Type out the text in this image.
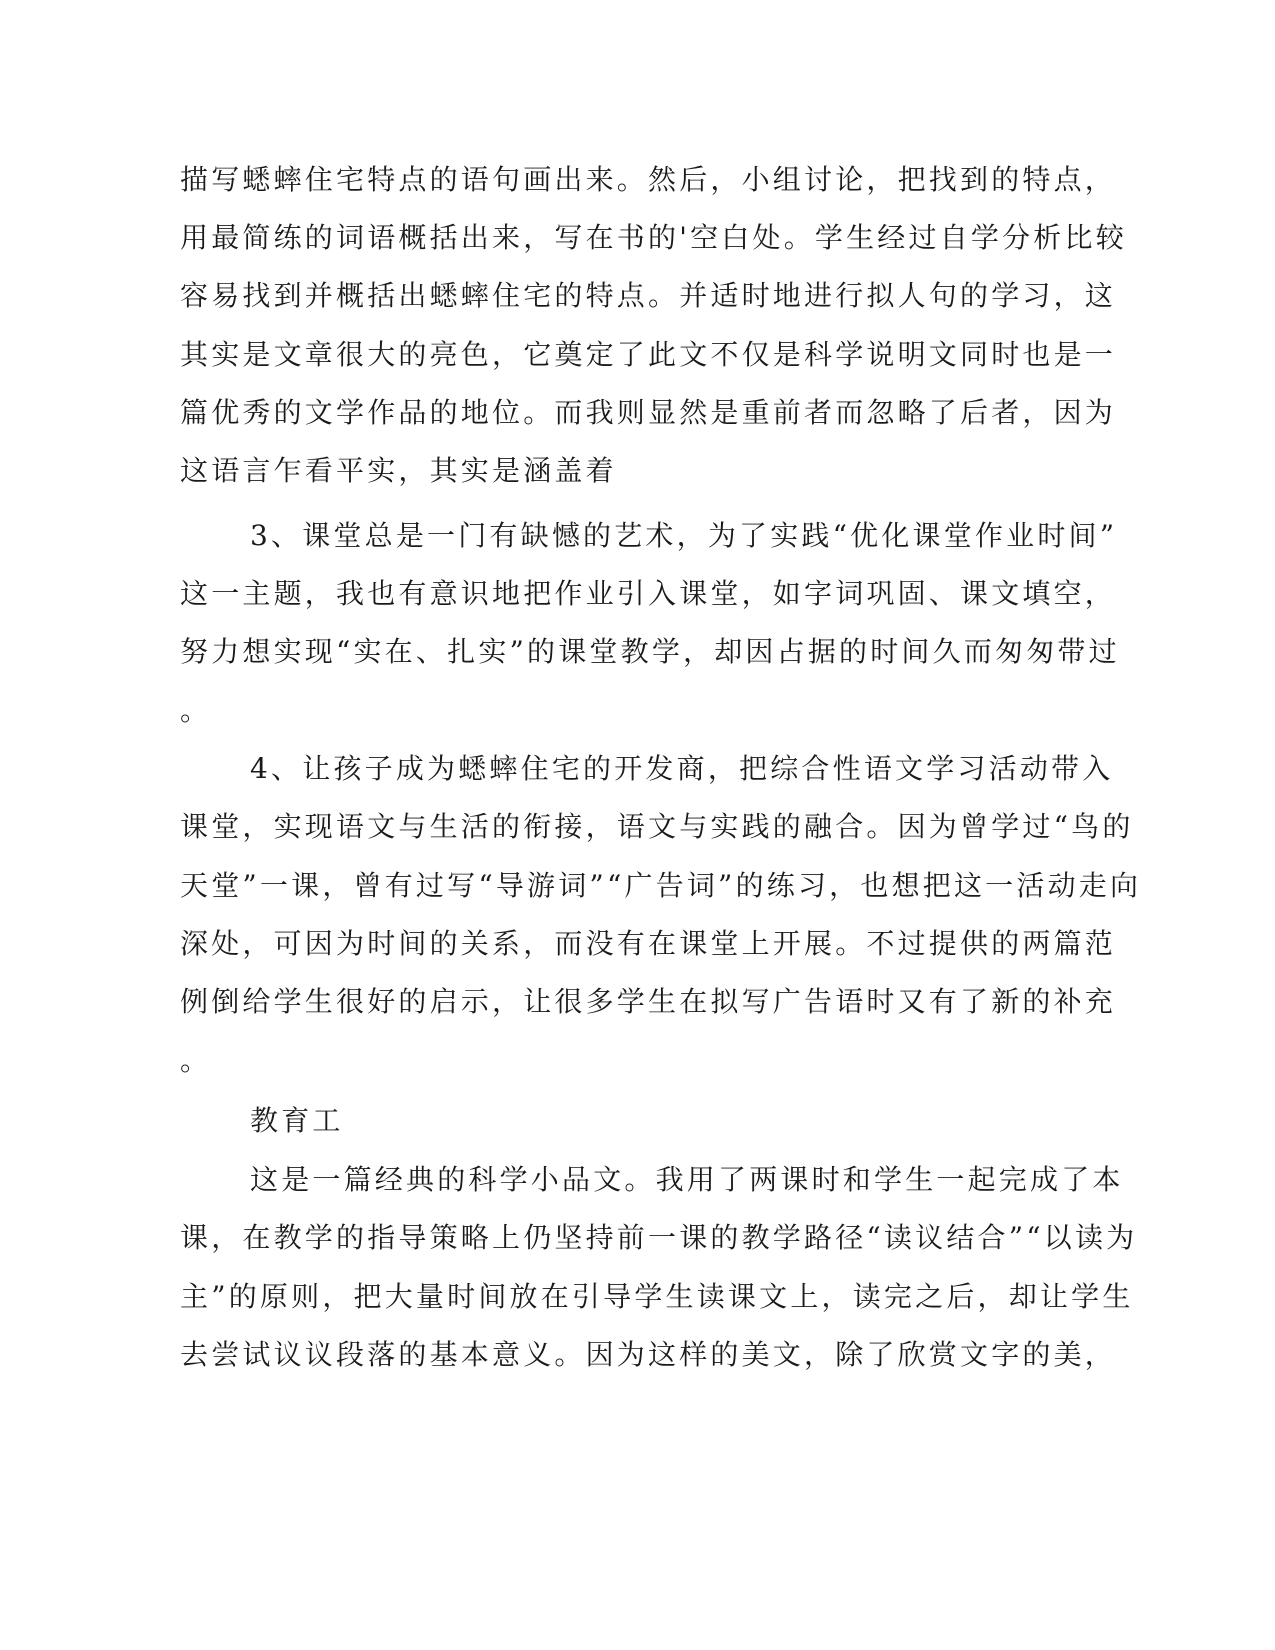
描写蟋蟀住宅特点的语句画出来。然后，小组讨论，把找到的特点，
用最简练的词语概括出来，写在书的'空白处。学生经过自学分析比较
容易找到并概括出蟋蟀住宅的特点。并适时地进行拟人句的学习，这
其实是文章很大的亮色，它奠定了此文不仅是科学说明文同时也是一
篇优秀的文学作品的地位。而我则显然是重前者而忽略了后者，因为
这语言乍看平实，其实是涵盖着
3、课堂总是一门有缺憾的艺术，为了实践“优化课堂作业时间”
这一主题，我也有意识地把作业引入课堂，如字词巩固、课文填空，
努力想实现“实在、扎实”的课堂教学，却因占据的时间久而匆匆带过
。
4、让孩子成为蟋蟀住宅的开发商，把综合性语文学习活动带入
课堂，实现语文与生活的衔接，语文与实践的融合。因为曾学过“鸟的
天堂”一课，曾有过写“导游词”“广告词”的练习，也想把这一活动走向
深处，可因为时间的关系，而没有在课堂上开展。不过提供的两篇范
例倒给学生很好的启示，让很多学生在拟写广告语时又有了新的补充
。
教育工
这是一篇经典的科学小品文。我用了两课时和学生一起完成了本
课，在教学的指导策略上仍坚持前一课的教学路径“读议结合”“以读为
主”的原则，把大量时间放在引导学生读课文上，读完之后，却让学生
去尝试议议段落的基本意义。因为这样的美文，除了欣赏文字的美，
